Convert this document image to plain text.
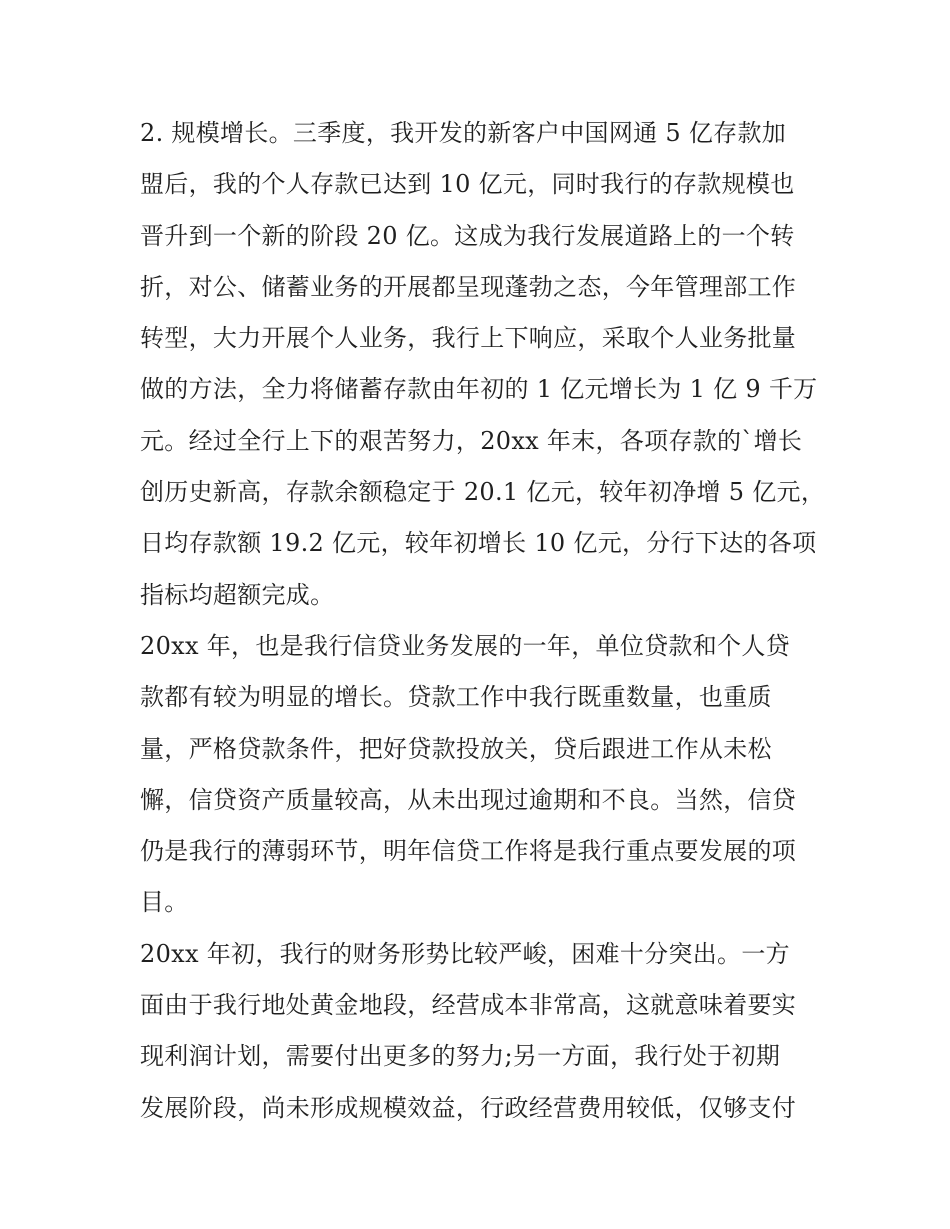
2. 规模增长。三季度，我开发的新客户中国网通 5 亿存款加
盟后，我的个人存款已达到 10 亿元，同时我行的存款规模也
晋升到一个新的阶段 20 亿。这成为我行发展道路上的一个转
折，对公、储蓄业务的开展都呈现蓬勃之态，今年管理部工作
转型，大力开展个人业务，我行上下响应，采取个人业务批量
做的方法，全力将储蓄存款由年初的 1 亿元增长为 1 亿 9 千万
元。经过全行上下的艰苦努力，20xx 年末，各项存款的`增长
创历史新高，存款余额稳定于 20.1 亿元，较年初净增 5 亿元，
日均存款额 19.2 亿元，较年初增长 10 亿元，分行下达的各项
指标均超额完成。

20xx 年，也是我行信贷业务发展的一年，单位贷款和个人贷
款都有较为明显的增长。贷款工作中我行既重数量，也重质
量，严格贷款条件，把好贷款投放关，贷后跟进工作从未松
懈，信贷资产质量较高，从未出现过逾期和不良。当然，信贷
仍是我行的薄弱环节，明年信贷工作将是我行重点要发展的项
目。

20xx 年初，我行的财务形势比较严峻，困难十分突出。一方
面由于我行地处黄金地段，经营成本非常高，这就意味着要实
现利润计划，需要付出更多的努力;另一方面，我行处于初期
发展阶段，尚未形成规模效益，行政经营费用较低，仅够支付
